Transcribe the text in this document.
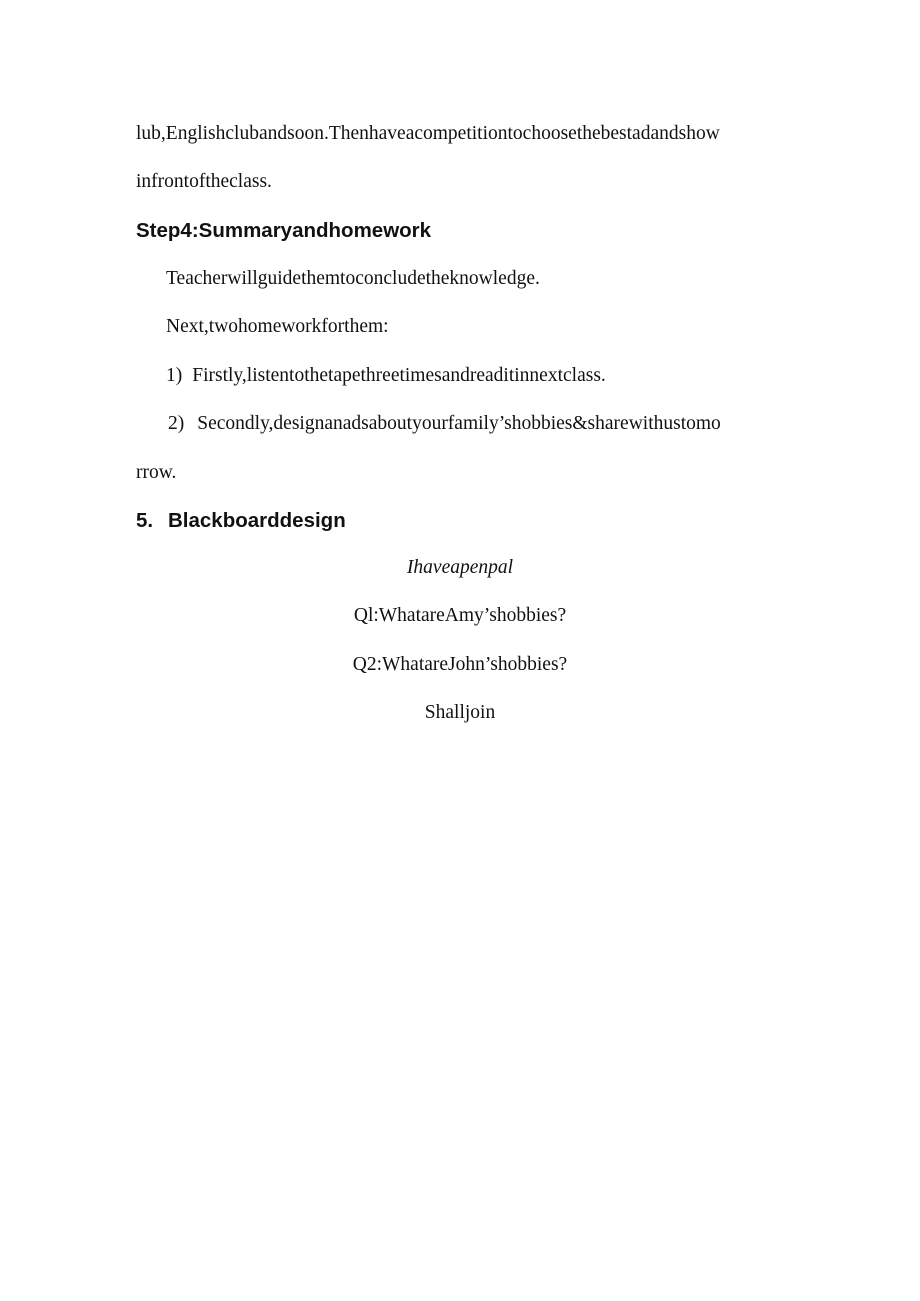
lub,Englishclubandsoon.Thenhaveacompetitiontochoosethebestadandshow
infrontoftheclass.
Step4:Summaryandhomework
Teacherwillguidethemtoconcludetheknowledge.
Next,twohomeworkforthem:
1) Firstly,listentothetapethreetimesandreaditinnextclass.
2) Secondly,designanadsaboutyourfamily’shobbies&sharewithustomo
rrow.
5. Blackboarddesign
Ihaveapenpal
Ql:WhatareAmy’shobbies?
Q2:WhatareJohn’shobbies?
Shalljoin
